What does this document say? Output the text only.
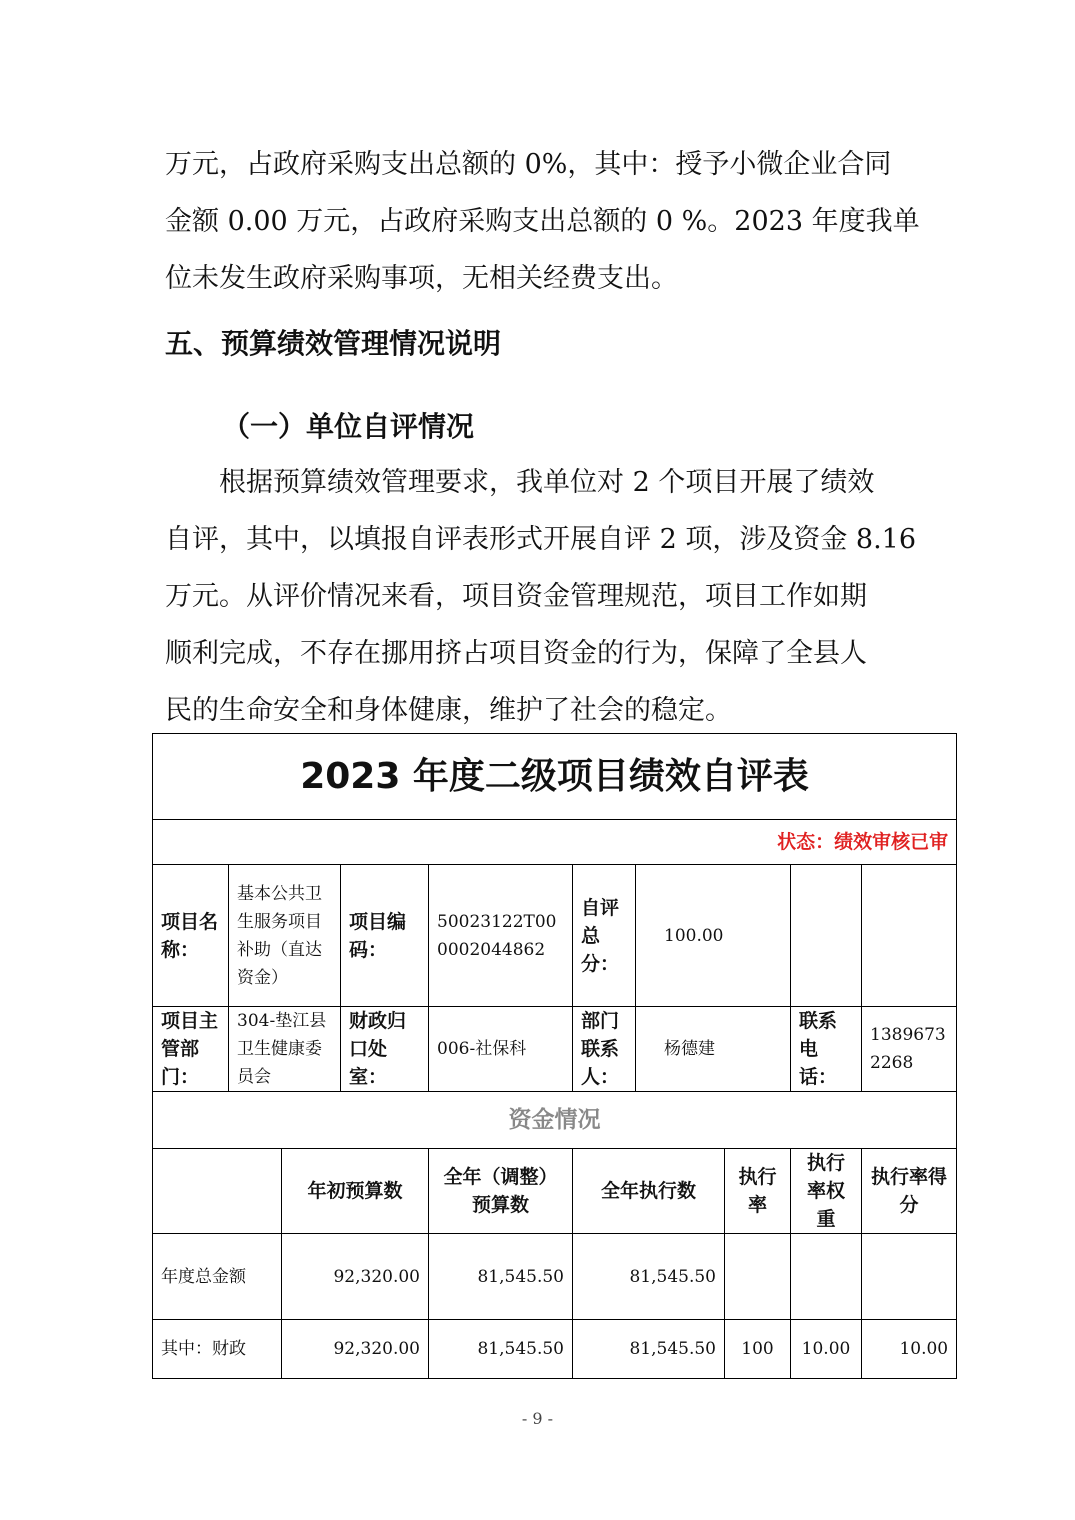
万元，占政府采购支出总额的 0%，其中：授予小微企业合同
金额 0.00 万元，占政府采购支出总额的 0 %。2023 年度我单
位未发生政府采购事项，无相关经费支出。

五、预算绩效管理情况说明
（一）单位自评情况

　　根据预算绩效管理要求，我单位对 2 个项目开展了绩效
自评，其中，以填报自评表形式开展自评 2 项，涉及资金 8.16
万元。从评价情况来看，项目资金管理规范，项目工作如期
顺利完成，不存在挪用挤占项目资金的行为，保障了全县人
民的生命安全和身体健康，维护了社会的稳定。

2023 年度二级项目绩效自评表									
状态：绩效审核已审									
项目名称：	基本公共卫生服务项目补助（直达资金）		项目编码：	50023122T000002044862	自评总分：	100.00			
项目主管部门：	304-垫江县卫生健康委员会		财政归口处室：	006-社保科	部门联系人：	杨德建		联系电话：	13896732268
资金情况									
		年初预算数		全年（调整）预算数	全年执行数		执行率	执行率权重	执行率得分
年度总金额		92,320.00		81,545.50	81,545.50				
其中：财政		92,320.00		81,545.50	81,545.50		100	10.00	10.00
- 9 -
